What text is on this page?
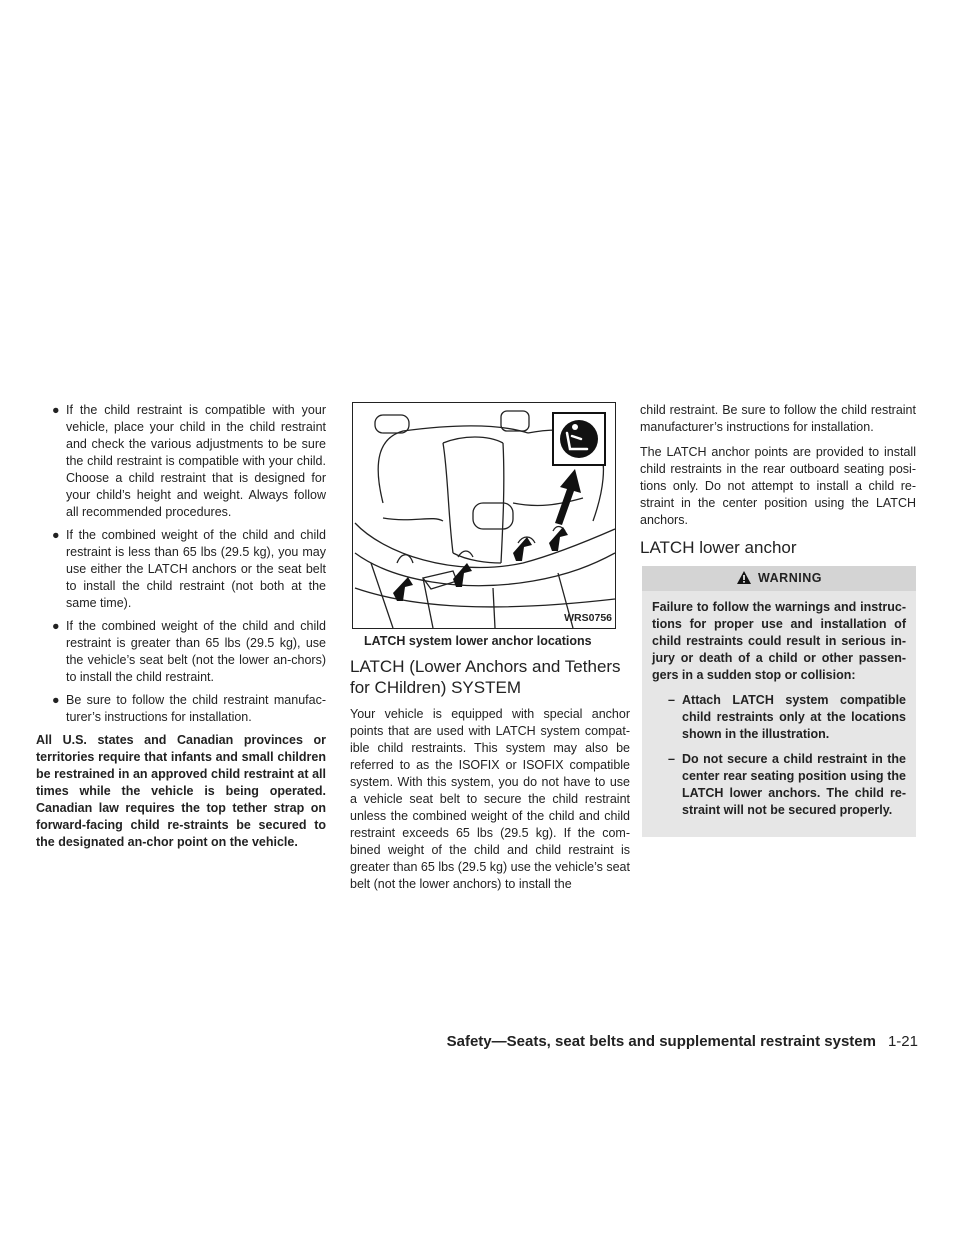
● If the child restraint is compatible with your vehicle, place your child in the child restraint and check the various adjustments to be sure the child restraint is compatible with your child. Choose a child restraint that is designed for your child’s height and weight. Always follow all recommended procedures.
● If the combined weight of the child and child restraint is less than 65 lbs (29.5 kg), you may use either the LATCH anchors or the seat belt to install the child restraint (not both at the same time).
● If the combined weight of the child and child restraint is greater than 65 lbs (29.5 kg), use the vehicle’s seat belt (not the lower an-chors) to install the child restraint.
● Be sure to follow the child restraint manufac-turer’s instructions for installation.
All U.S. states and Canadian provinces or territories require that infants and small children be restrained in an approved child restraint at all times while the vehicle is being operated. Canadian law requires the top tether strap on forward-facing child re-straints be secured to the designated an-chor point on the vehicle.
WRS0756
LATCH system lower anchor locations
LATCH (Lower Anchors and Tethers for CHildren) SYSTEM

Your vehicle is equipped with special anchor points that are used with LATCH system compat-ible child restraints. This system may also be referred to as the ISOFIX or ISOFIX compatible system. With this system, you do not have to use a vehicle seat belt to secure the child restraint unless the combined weight of the child and child restraint exceeds 65 lbs (29.5 kg). If the com-bined weight of the child and child restraint is greater than 65 lbs (29.5 kg) use the vehicle’s seat belt (not the lower anchors) to install the

child restraint. Be sure to follow the child restraint manufacturer’s instructions for installation.

The LATCH anchor points are provided to install child restraints in the rear outboard seating posi-tions only. Do not attempt to install a child re-straint in the center position using the LATCH anchors.

LATCH lower anchor
WARNING
Failure to follow the warnings and instruc-tions for proper use and installation of child restraints could result in serious in-jury or death of a child or other passen-gers in a sudden stop or collision:
– Attach LATCH system compatible child restraints only at the locations shown in the illustration.
– Do not secure a child restraint in the center rear seating position using the LATCH lower anchors. The child re-straint will not be secured properly.
Safety—Seats, seat belts and supplemental restraint system 1-21
